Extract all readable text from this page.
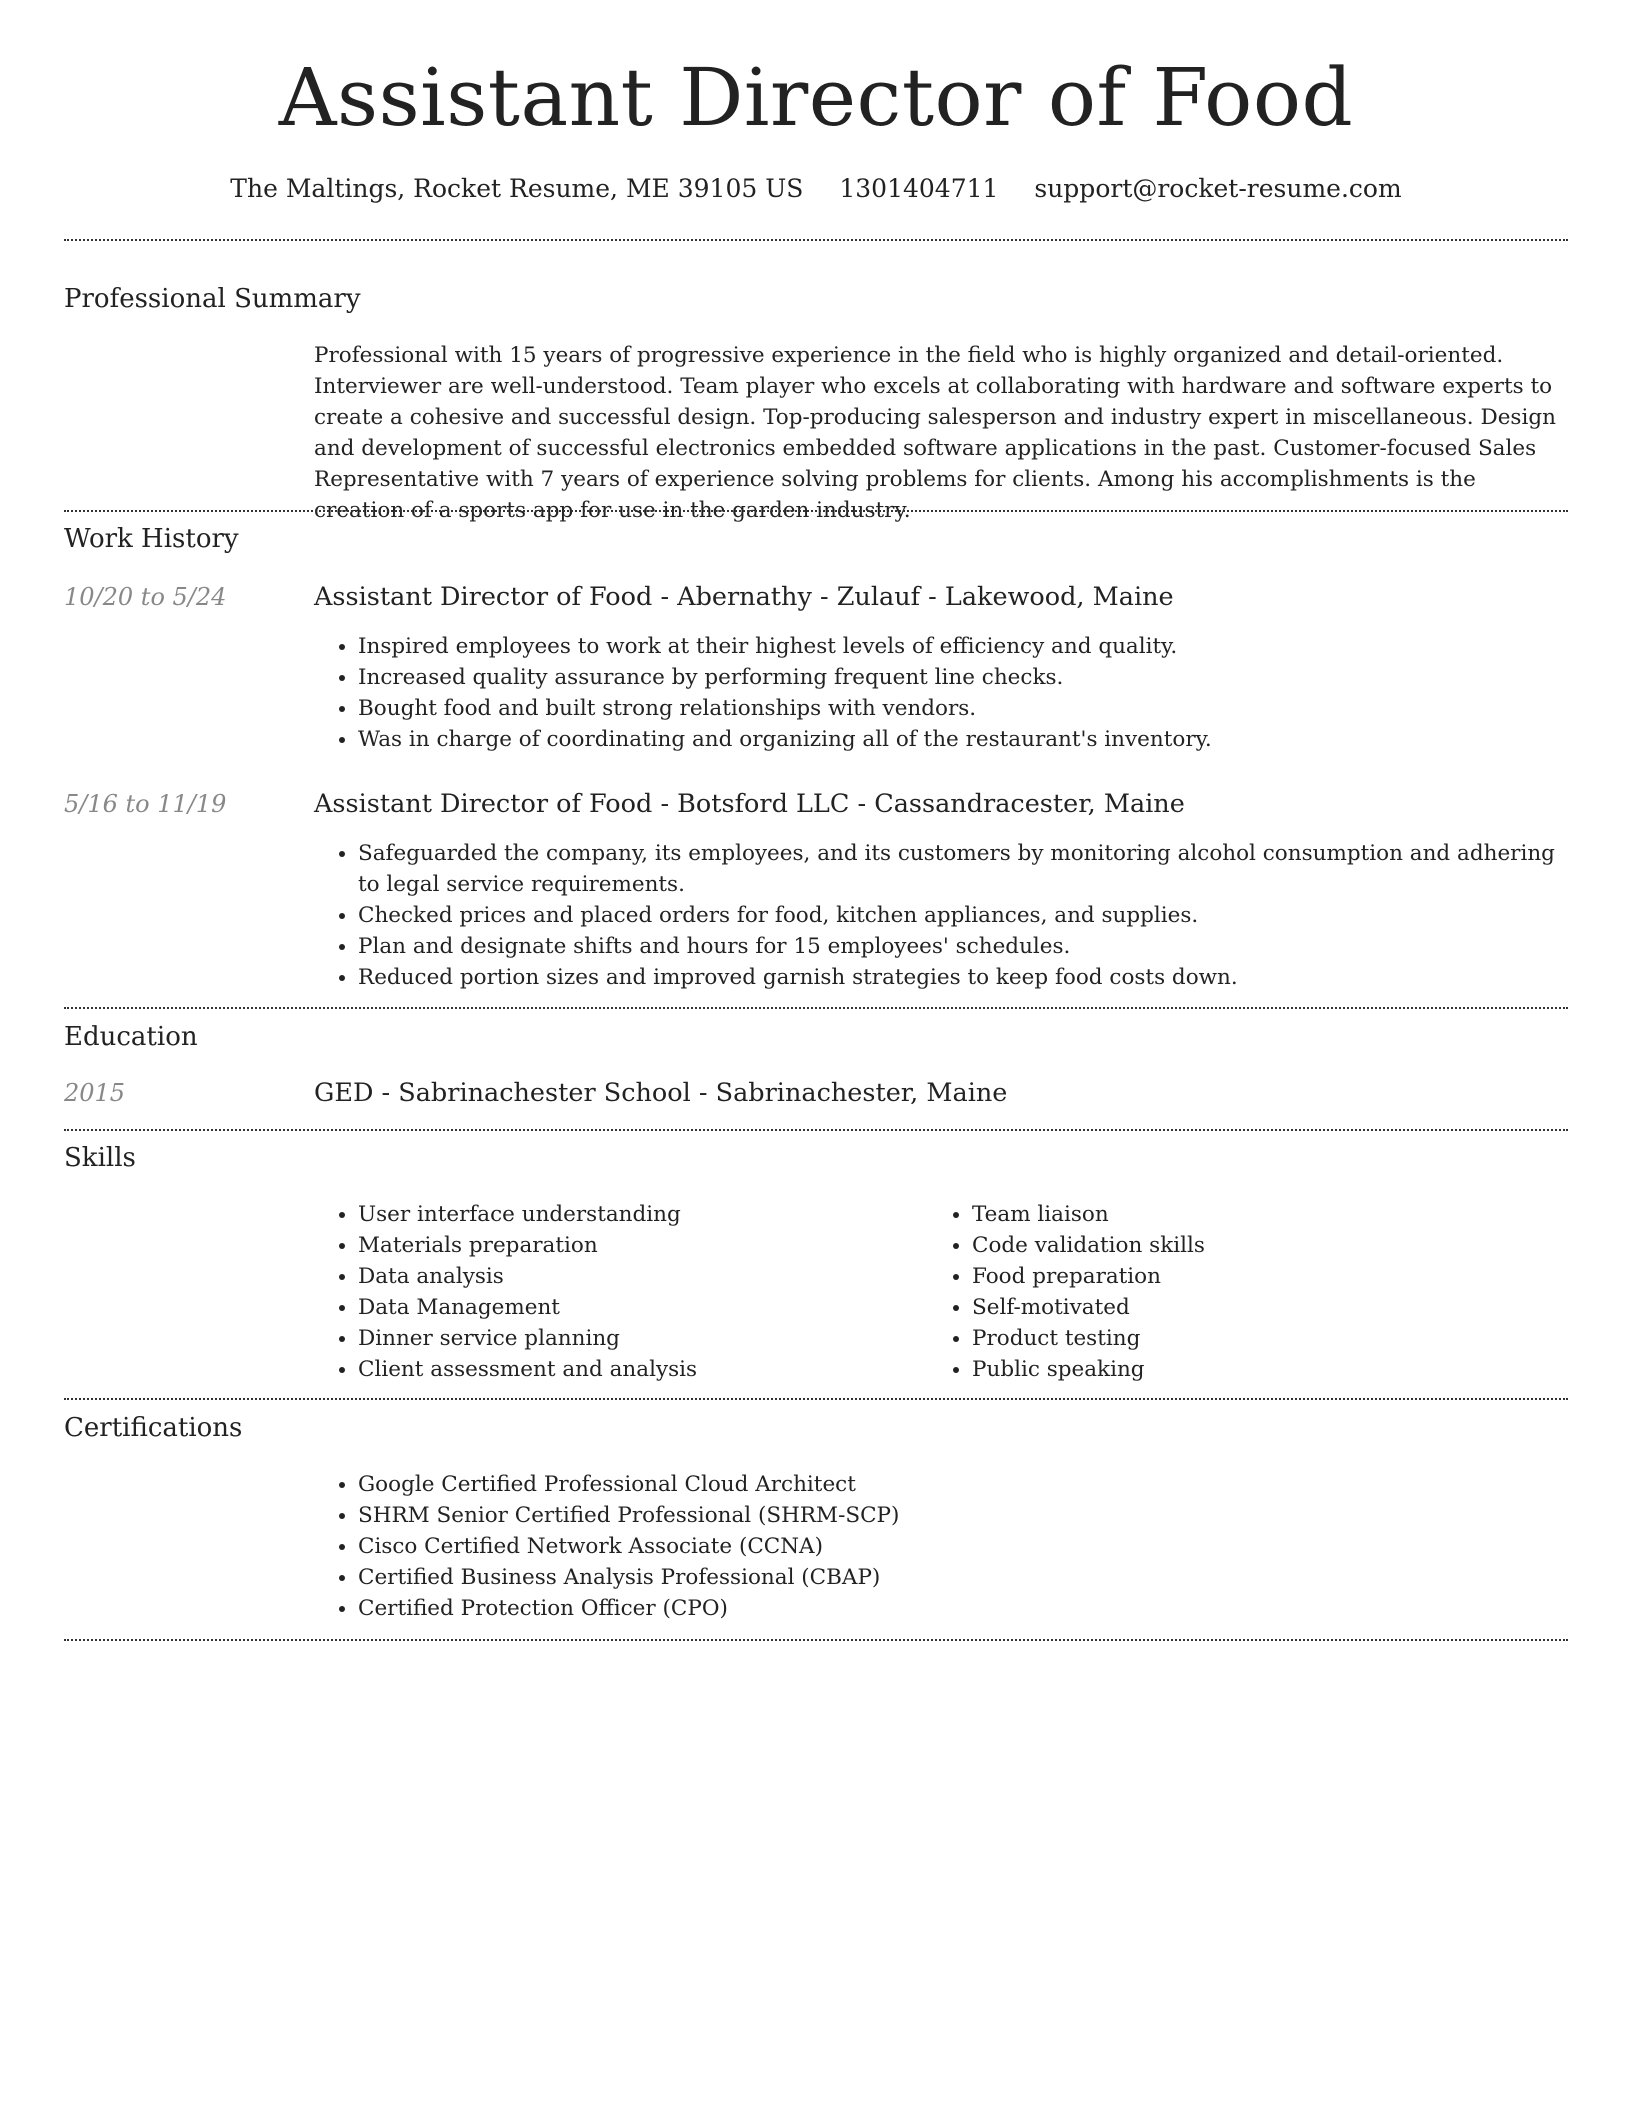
Assistant Director of Food
The Maltings, Rocket Resume, ME 39105 US 1301404711 support@rocket-resume.com
Professional Summary
Professional with 15 years of progressive experience in the field who is highly organized and detail-oriented. Interviewer are well-understood. Team player who excels at collaborating with hardware and software experts to create a cohesive and successful design. Top-producing salesperson and industry expert in miscellaneous. Design and development of successful electronics embedded software applications in the past. Customer-focused Sales Representative with 7 years of experience solving problems for clients. Among his accomplishments is the creation of a sports app for use in the garden industry.
Work History
10/20 to 5/24	Assistant Director of Food - Abernathy - Zulauf - Lakewood, Maine
• Inspired employees to work at their highest levels of efficiency and quality.
• Increased quality assurance by performing frequent line checks.
• Bought food and built strong relationships with vendors.
• Was in charge of coordinating and organizing all of the restaurant's inventory.
5/16 to 11/19	Assistant Director of Food - Botsford LLC - Cassandracester, Maine
• Safeguarded the company, its employees, and its customers by monitoring alcohol consumption and adhering to legal service requirements.
• Checked prices and placed orders for food, kitchen appliances, and supplies.
• Plan and designate shifts and hours for 15 employees' schedules.
• Reduced portion sizes and improved garnish strategies to keep food costs down.
Education
2015	GED - Sabrinachester School - Sabrinachester, Maine
Skills
• User interface understanding
• Materials preparation
• Data analysis
• Data Management
• Dinner service planning
• Client assessment and analysis
• Team liaison
• Code validation skills
• Food preparation
• Self-motivated
• Product testing
• Public speaking
Certifications
• Google Certified Professional Cloud Architect
• SHRM Senior Certified Professional (SHRM-SCP)
• Cisco Certified Network Associate (CCNA)
• Certified Business Analysis Professional (CBAP)
• Certified Protection Officer (CPO)
